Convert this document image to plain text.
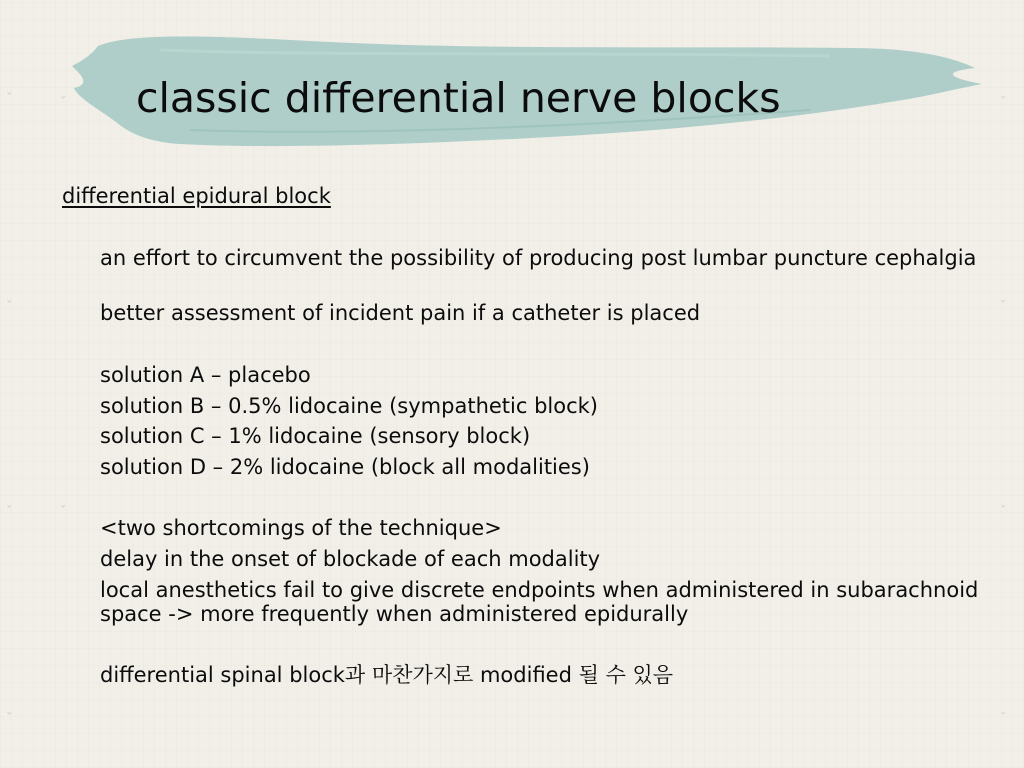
ˇ	ˇ	ˇ
ˇ	ˇ
ˇ	ˇ	ˇ
ˇ	ˇ
classic differential nerve blocks
differential epidural block
an effort to circumvent the possibility of producing post lumbar puncture cephalgia
better assessment of incident pain if a catheter is placed
solution A – placebo
solution B – 0.5% lidocaine (sympathetic block)
solution C – 1% lidocaine (sensory block)
solution D – 2% lidocaine (block all modalities)
<two shortcomings of the technique>
delay in the onset of blockade of each modality
local anesthetics fail to give discrete endpoints when administered in subarachnoid space -> more frequently when administered epidurally
differential spinal block과 마찬가지로 modified 될 수 있음
